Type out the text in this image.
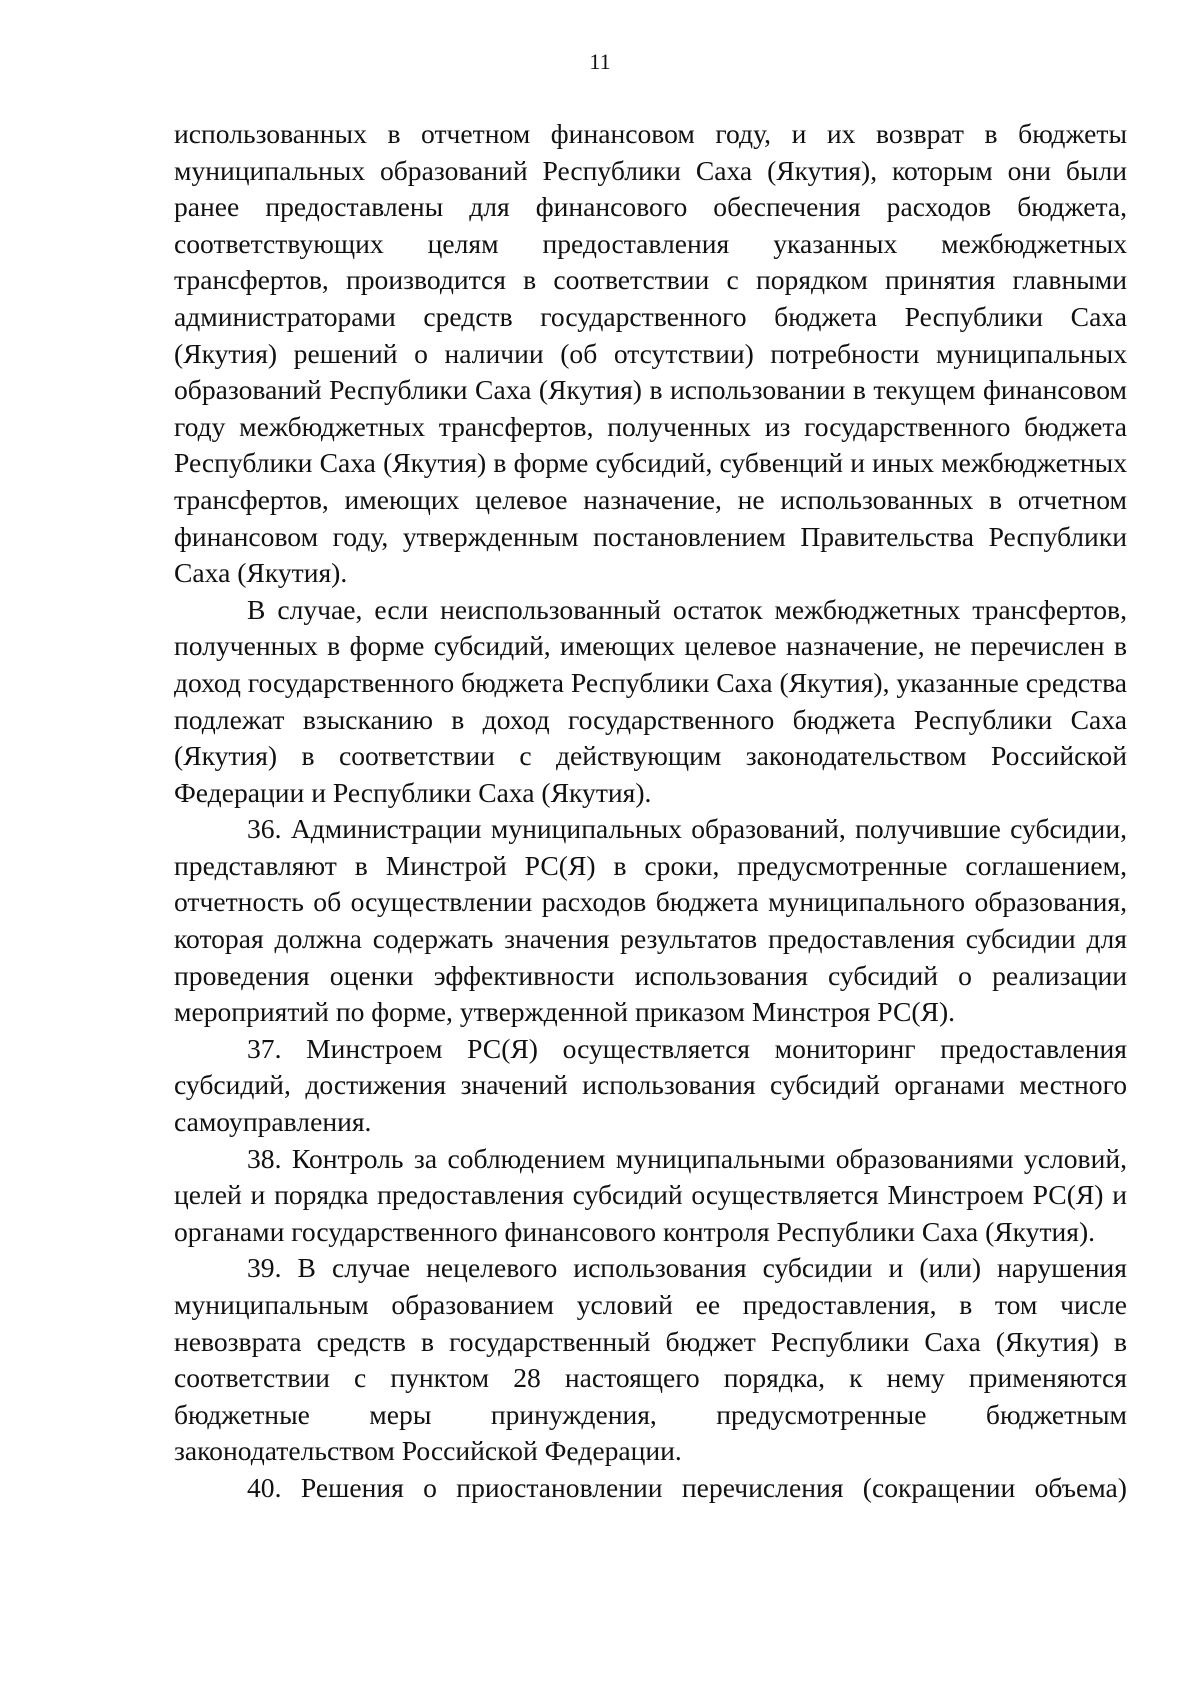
11

использованных в отчетном финансовом году, и их возврат в бюджеты муниципальных образований Республики Саха (Якутия), которым они были ранее предоставлены для финансового обеспечения расходов бюджета, соответствующих целям предоставления указанных межбюджетных трансфертов, производится в соответствии с порядком принятия главными администраторами средств государственного бюджета Республики Саха (Якутия) решений о наличии (об отсутствии) потребности муниципальных образований Республики Саха (Якутия) в использовании в текущем финансовом году межбюджетных трансфертов, полученных из государственного бюджета Республики Саха (Якутия) в форме субсидий, субвенций и иных межбюджетных трансфертов, имеющих целевое назначение, не использованных в отчетном финансовом году, утвержденным постановлением Правительства Республики Саха (Якутия).

В случае, если неиспользованный остаток межбюджетных трансфертов, полученных в форме субсидий, имеющих целевое назначение, не перечислен в доход государственного бюджета Республики Саха (Якутия), указанные средства подлежат взысканию в доход государственного бюджета Республики Саха (Якутия) в соответствии с действующим законодательством Российской Федерации и Республики Саха (Якутия).

36. Администрации муниципальных образований, получившие субсидии, представляют в Минстрой РС(Я) в сроки, предусмотренные соглашением, отчетность об осуществлении расходов бюджета муниципального образования, которая должна содержать значения результатов предоставления субсидии для проведения оценки эффективности использования субсидий о реализации мероприятий по форме, утвержденной приказом Минстроя РС(Я).

37. Минстроем РС(Я) осуществляется мониторинг предоставления субсидий, достижения значений использования субсидий органами местного самоуправления.

38. Контроль за соблюдением муниципальными образованиями условий, целей и порядка предоставления субсидий осуществляется Минстроем РС(Я) и органами государственного финансового контроля Республики Саха (Якутия).

39. В случае нецелевого использования субсидии и (или) нарушения муниципальным образованием условий ее предоставления, в том числе невозврата средств в государственный бюджет Республики Саха (Якутия) в соответствии с пунктом 28 настоящего порядка, к нему применяются бюджетные меры принуждения, предусмотренные бюджетным законодательством Российской Федерации.

40. Решения о приостановлении перечисления (сокращении объема)
